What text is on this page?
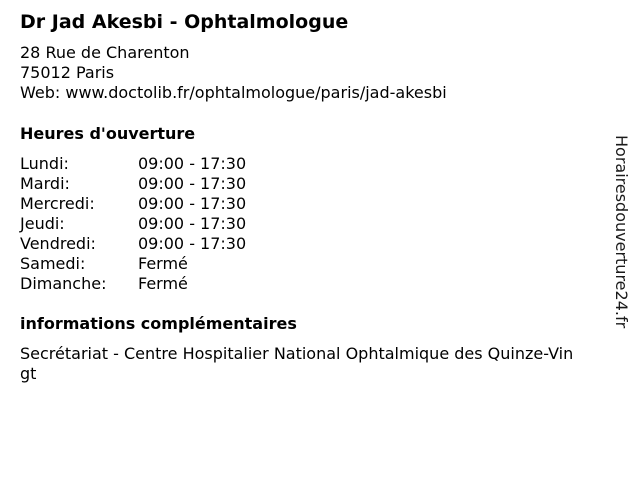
Dr Jad Akesbi - Ophtalmologue
28 Rue de Charenton
75012 Paris
Web: www.doctolib.fr/ophtalmologue/paris/jad-akesbi
Heures d'ouverture
Lundi:	09:00 - 17:30
Mardi:	09:00 - 17:30
Mercredi:	09:00 - 17:30
Jeudi:	09:00 - 17:30
Vendredi:	09:00 - 17:30
Samedi:	Fermé
Dimanche:	Fermé
informations complémentaires
Secrétariat - Centre Hospitalier National Ophtalmique des Quinze-Vingt
Horairesdouverture24.fr
